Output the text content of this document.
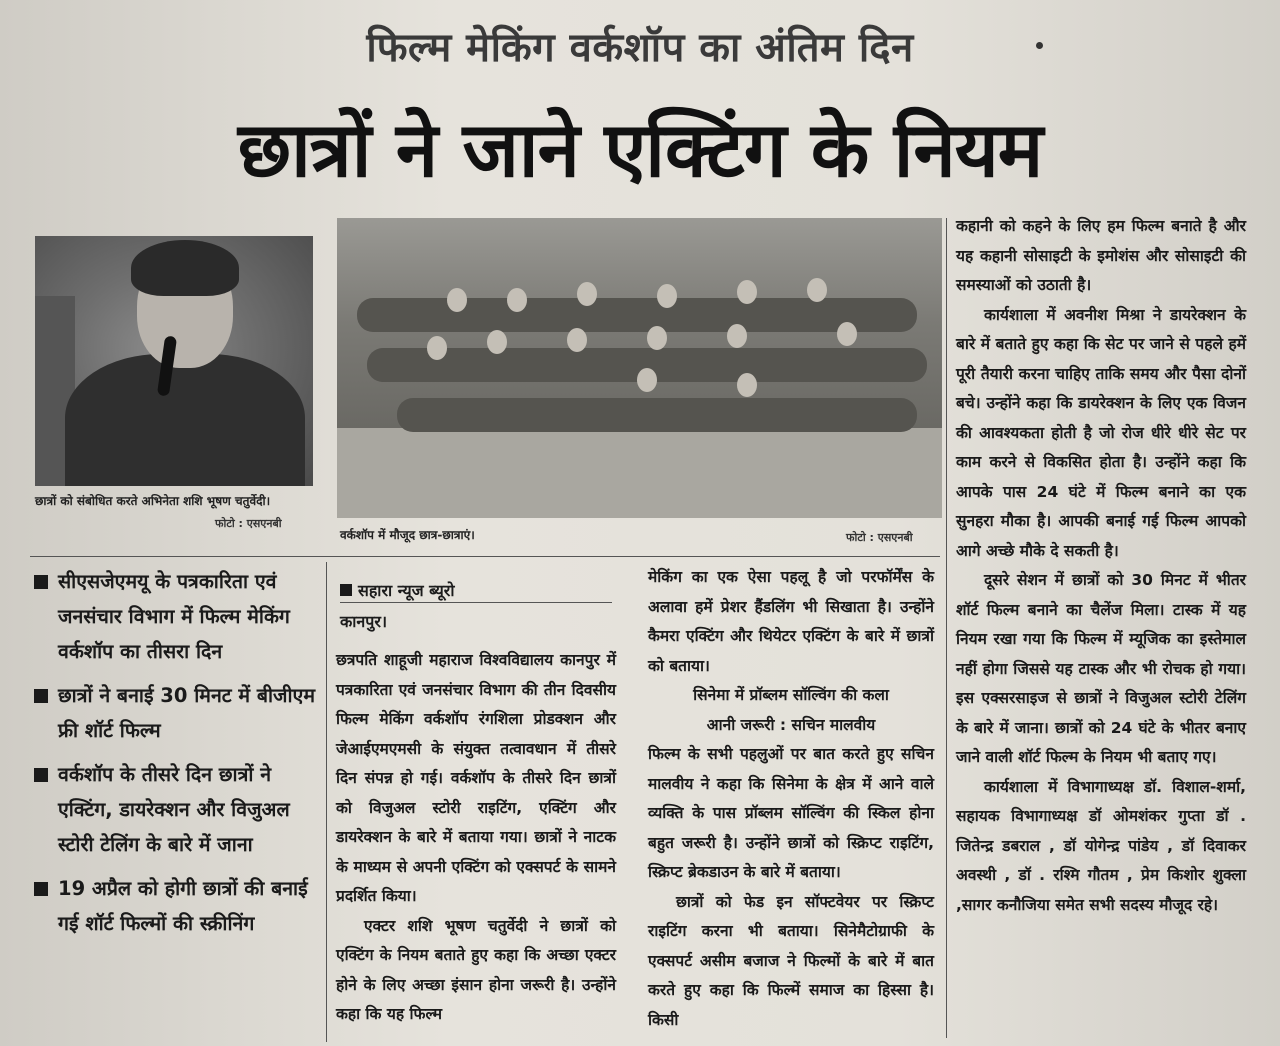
फिल्म मेकिंग वर्कशॉप का अंतिम दिन
छात्रों ने जाने एक्टिंग के नियम
छात्रों को संबोधित करते अभिनेता शशि भूषण चतुर्वेदी।
फोटो : एसएनबी
वर्कशॉप में मौजूद छात्र-छात्राएं।	फोटो : एसएनबी
सीएसजेएमयू के पत्रकारिता एवं जनसंचार विभाग में फिल्म मेकिंग वर्कशॉप का तीसरा दिन
छात्रों ने बनाई 30 मिनट में बीजीएम फ्री शॉर्ट फिल्म
वर्कशॉप के तीसरे दिन छात्रों ने एक्टिंग, डायरेक्शन और विजुअल स्टोरी टेलिंग के बारे में जाना
19 अप्रैल को होगी छात्रों की बनाई गई शॉर्ट फिल्मों की स्क्रीनिंग
सहारा न्यूज ब्यूरो
कानपुर।

छत्रपति शाहूजी महाराज विश्वविद्यालय कानपुर में पत्रकारिता एवं जनसंचार विभाग की तीन दिवसीय फिल्म मेकिंग वर्कशॉप रंगशिला प्रोडक्शन और जेआईएमएमसी के संयुक्त तत्वावधान में तीसरे दिन संपन्न हो गई। वर्कशॉप के तीसरे दिन छात्रों को विजुअल स्टोरी राइटिंग, एक्टिंग और डायरेक्शन के बारे में बताया गया। छात्रों ने नाटक के माध्यम से अपनी एक्टिंग को एक्सपर्ट के सामने प्रदर्शित किया।

एक्टर शशि भूषण चतुर्वेदी ने छात्रों को एक्टिंग के नियम बताते हुए कहा कि अच्छा एक्टर होने के लिए अच्छा इंसान होना जरूरी है। उन्होंने कहा कि यह फिल्म

मेकिंग का एक ऐसा पहलू है जो परफॉर्मेंस के अलावा हमें प्रेशर हैंडलिंग भी सिखाता है। उन्होंने कैमरा एक्टिंग और थियेटर एक्टिंग के बारे में छात्रों को बताया।

सिनेमा में प्रॉब्लम सॉल्विंग की कला
आनी जरूरी : सचिन मालवीय

फिल्म के सभी पहलुओं पर बात करते हुए सचिन मालवीय ने कहा कि सिनेमा के क्षेत्र में आने वाले व्यक्ति के पास प्रॉब्लम सॉल्विंग की स्किल होना बहुत जरूरी है। उन्होंने छात्रों को स्क्रिप्ट राइटिंग, स्क्रिप्ट ब्रेकडाउन के बारे में बताया।

छात्रों को फेड इन सॉफ्टवेयर पर स्क्रिप्ट राइटिंग करना भी बताया। सिनेमैटोग्राफी के एक्सपर्ट असीम बजाज ने फिल्मों के बारे में बात करते हुए कहा कि फिल्में समाज का हिस्सा है। किसी

कहानी को कहने के लिए हम फिल्म बनाते है और यह कहानी सोसाइटी के इमोशंस और सोसाइटी की समस्याओं को उठाती है।

कार्यशाला में अवनीश मिश्रा ने डायरेक्शन के बारे में बताते हुए कहा कि सेट पर जाने से पहले हमें पूरी तैयारी करना चाहिए ताकि समय और पैसा दोनों बचे। उन्होंने कहा कि डायरेक्शन के लिए एक विजन की आवश्यकता होती है जो रोज धीरे धीरे सेट पर काम करने से विकसित होता है। उन्होंने कहा कि आपके पास 24 घंटे में फिल्म बनाने का एक सुनहरा मौका है। आपकी बनाई गई फिल्म आपको आगे अच्छे मौके दे सकती है।

दूसरे सेशन में छात्रों को 30 मिनट में भीतर शॉर्ट फिल्म बनाने का चैलेंज मिला। टास्क में यह नियम रखा गया कि फिल्म में म्यूजिक का इस्तेमाल नहीं होगा जिससे यह टास्क और भी रोचक हो गया। इस एक्सरसाइज से छात्रों ने विजुअल स्टोरी टेलिंग के बारे में जाना। छात्रों को 24 घंटे के भीतर बनाए जाने वाली शॉर्ट फिल्म के नियम भी बताए गए।

कार्यशाला में विभागाध्यक्ष डॉ. विशाल-शर्मा, सहायक विभागाध्यक्ष डॉ ओमशंकर गुप्ता डॉ . जितेन्द्र डबराल , डॉ योगेन्द्र पांडेय , डॉ दिवाकर अवस्थी , डॉ . रश्मि गौतम , प्रेम किशोर शुक्ला ,सागर कनौजिया समेत सभी सदस्य मौजूद रहे।
